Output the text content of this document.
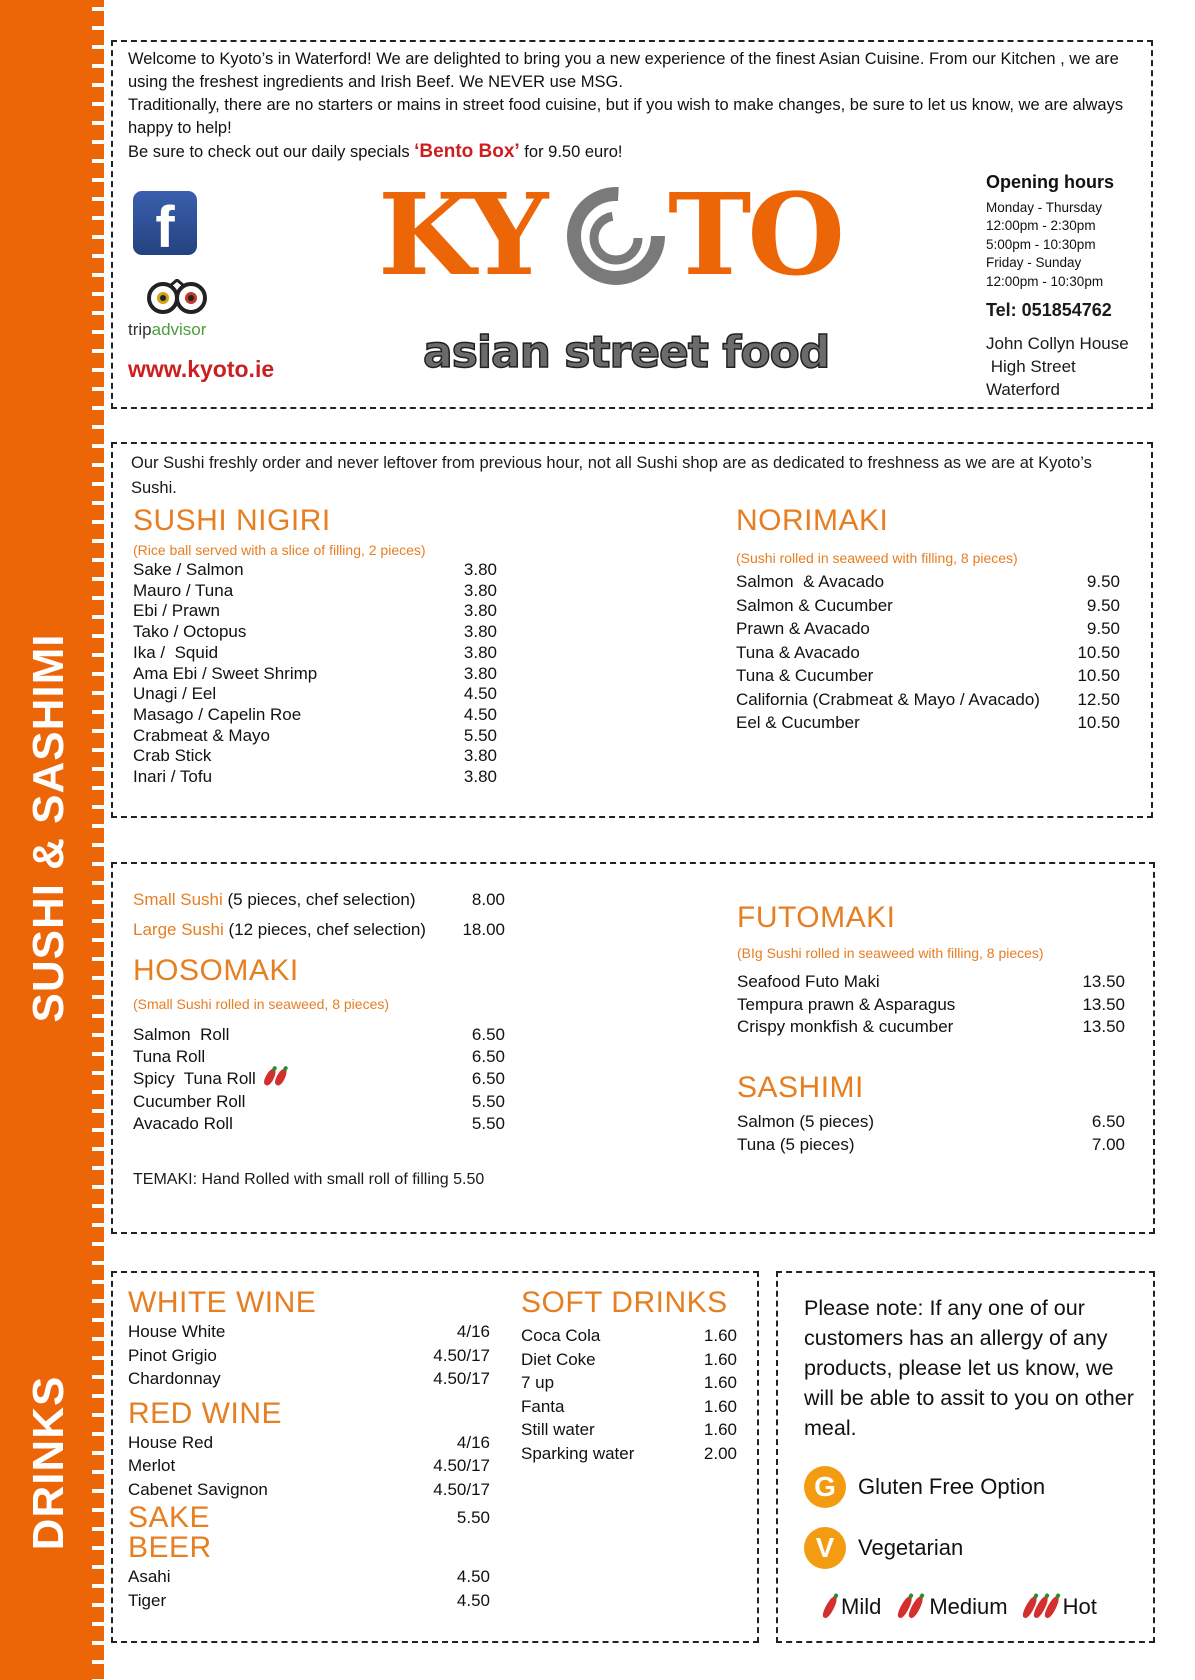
SUSHI & SASHIMI
DRINKS
Welcome to Kyoto’s in Waterford! We are delighted to bring you a new experience of the finest Asian Cuisine. From our Kitchen , we are using the freshest ingredients and Irish Beef. We NEVER use MSG.
Traditionally, there are no starters or mains in street food cuisine, but if you wish to make changes, be sure to let us know, we are always happy to help!
Be sure to check out our daily specials ‘Bento Box’ for 9.50 euro!
f
tripadvisor
www.kyoto.ie
KY TO
asian street food
Opening hours
Monday - Thursday
12:00pm - 2:30pm
5:00pm - 10:30pm
Friday - Sunday
12:00pm - 10:30pm
Tel: 051854762
John Collyn House
High Street
Waterford
Our Sushi freshly order and never leftover from previous hour, not all Sushi shop are as dedicated to freshness as we are at Kyoto’s Sushi.
SUSHI NIGIRI
(Rice ball served with a slice of filling, 2 pieces)
Sake / Salmon	3.80
Mauro / Tuna	3.80
Ebi / Prawn	3.80
Tako / Octopus	3.80
Ika /  Squid	3.80
Ama Ebi / Sweet Shrimp	3.80
Unagi / Eel	4.50
Masago / Capelin Roe	4.50
Crabmeat & Mayo	5.50
Crab Stick	3.80
Inari / Tofu	3.80
NORIMAKI
(Sushi rolled in seaweed with filling, 8 pieces)
Salmon  & Avacado	9.50
Salmon & Cucumber	9.50
Prawn & Avacado	9.50
Tuna & Avacado	10.50
Tuna & Cucumber	10.50
California (Crabmeat & Mayo / Avacado) 12.50
Eel & Cucumber	10.50
Small Sushi (5 pieces, chef selection)	8.00
Large Sushi (12 pieces, chef selection) 18.00
HOSOMAKI
(Small Sushi rolled in seaweed, 8 pieces)
Salmon  Roll	6.50
Tuna Roll	6.50
Spicy  Tuna Roll	6.50
Cucumber Roll	5.50
Avacado Roll	5.50
TEMAKI: Hand Rolled with small roll of filling 5.50
FUTOMAKI
(BIg Sushi rolled in seaweed with filling, 8 pieces)
Seafood Futo Maki	13.50
Tempura prawn & Asparagus	13.50
Crispy monkfish & cucumber	13.50
SASHIMI
Salmon (5 pieces)	6.50
Tuna (5 pieces)	7.00
WHITE WINE
House White	4/16
Pinot Grigio	4.50/17
Chardonnay	4.50/17
RED WINE
House Red	4/16
Merlot	4.50/17
Cabenet Savignon	4.50/17
SAKE	5.50
BEER
Asahi	4.50
Tiger	4.50
SOFT DRINKS
Coca Cola	1.60
Diet Coke	1.60
7 up	1.60
Fanta	1.60
Still water	1.60
Sparking water	2.00
Please note: If any one of our customers has an allergy of any products, please let us know, we will be able to assit to you on other meal.
G	Gluten Free Option
V	Vegetarian
Mild Medium	Hot
